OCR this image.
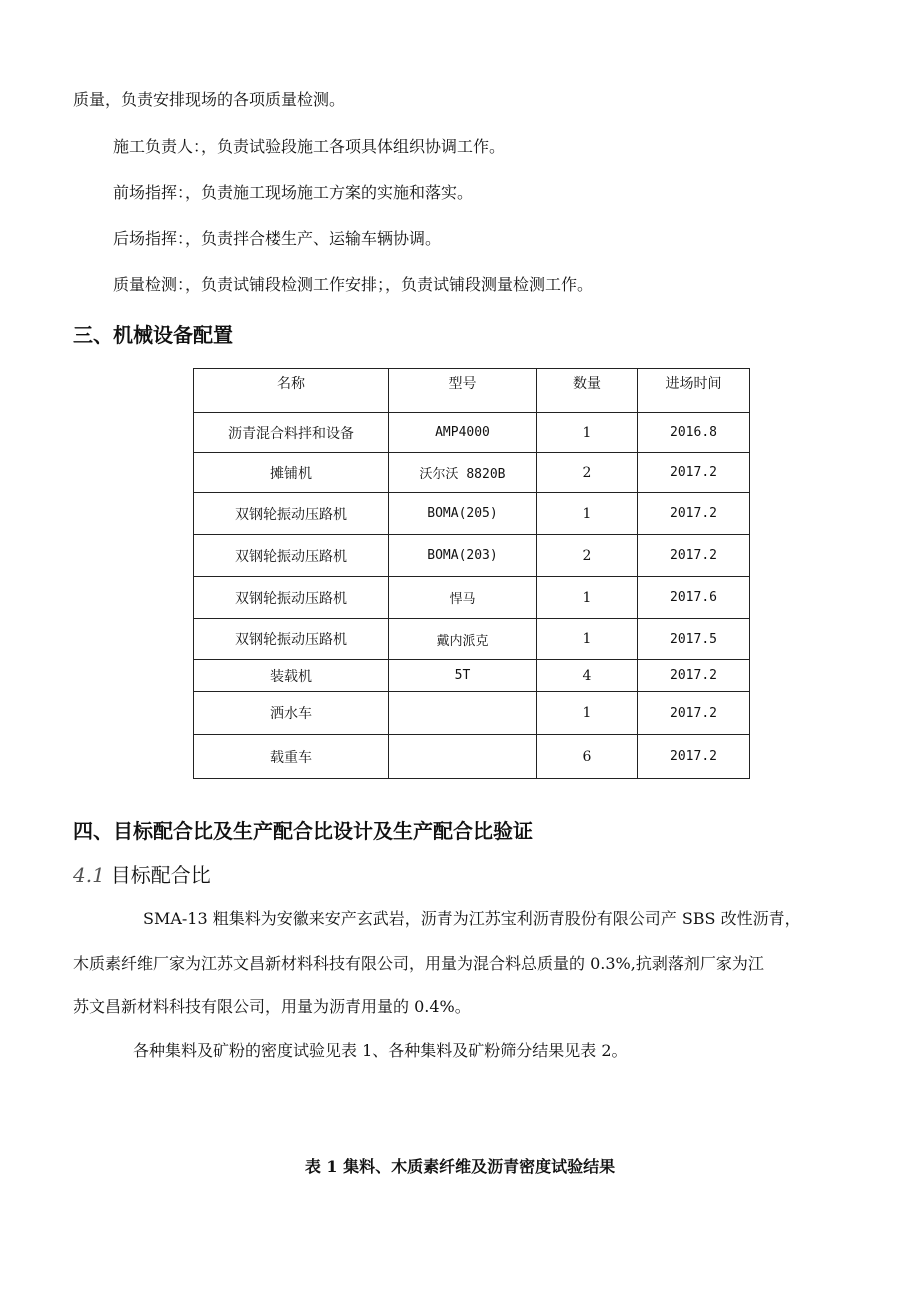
质量，负责安排现场的各项质量检测。
施工负责人：，负责试验段施工各项具体组织协调工作。
前场指挥：，负责施工现场施工方案的实施和落实。
后场指挥：，负责拌合楼生产、运输车辆协调。
质量检测：，负责试铺段检测工作安排；，负责试铺段测量检测工作。
三、机械设备配置
名称	型号	数量	进场时间
沥青混合料拌和设备	AMP4000	1	2016.8
摊铺机	沃尔沃 8820B	2	2017.2
双钢轮振动压路机	BOMA(205)	1	2017.2
双钢轮振动压路机	BOMA(203)	2	2017.2
双钢轮振动压路机	悍马	1	2017.6
双钢轮振动压路机	戴内派克	1	2017.5
装载机	5T	4	2017.2
洒水车		1	2017.2
载重车		6	2017.2
四、目标配合比及生产配合比设计及生产配合比验证
4.1 目标配合比
SMA-13 粗集料为安徽来安产玄武岩，沥青为江苏宝利沥青股份有限公司产 SBS 改性沥青，
木质素纤维厂家为江苏文昌新材料科技有限公司，用量为混合料总质量的 0.3%,抗剥落剂厂家为江
苏文昌新材料科技有限公司，用量为沥青用量的 0.4%。
各种集料及矿粉的密度试验见表 1、各种集料及矿粉筛分结果见表 2。
表 1 集料、木质素纤维及沥青密度试验结果
